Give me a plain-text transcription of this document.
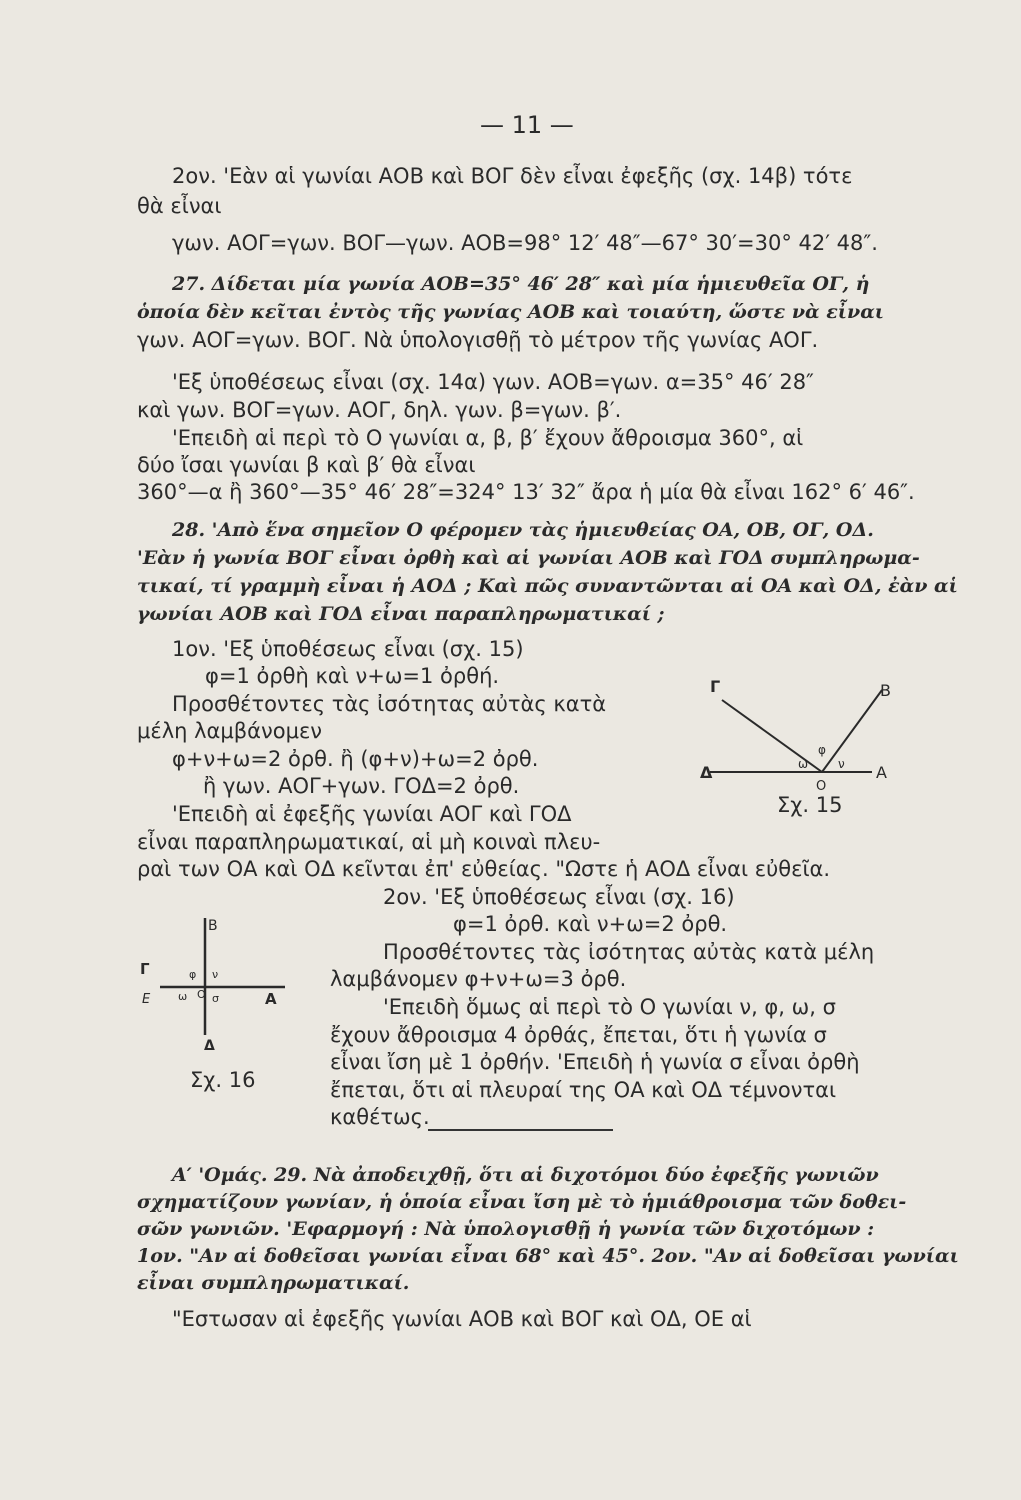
— 11 —
2ον. 'Εὰν αἱ γωνίαι ΑΟΒ καὶ ΒΟΓ δὲν εἶναι ἐφεξῆς (σχ. 14β) τότε
θὰ εἶναι
γων. ΑΟΓ=γων. ΒΟΓ—γων. ΑΟΒ=98° 12′ 48″—67° 30′=30° 42′ 48″.
27. Δίδεται μία γωνία ΑΟΒ=35° 46′ 28″ καὶ μία ἡμιευθεῖα ΟΓ, ἡ
ὁποία δὲν κεῖται ἐντὸς τῆς γωνίας ΑΟΒ καὶ τοιαύτη, ὥστε νὰ εἶναι
γων. ΑΟΓ=γων. ΒΟΓ. Νὰ ὑπολογισθῇ τὸ μέτρον τῆς γωνίας ΑΟΓ.
'Εξ ὑποθέσεως εἶναι (σχ. 14α) γων. ΑΟΒ=γων. α=35° 46′ 28″
καὶ γων. ΒΟΓ=γων. ΑΟΓ, δηλ. γων. β=γων. β′.
'Επειδὴ αἱ περὶ τὸ Ο γωνίαι α, β, β′ ἔχουν ἄθροισμα 360°, αἱ
δύο ἴσαι γωνίαι β καὶ β′ θὰ εἶναι
360°—α ἢ 360°—35° 46′ 28″=324° 13′ 32″ ἄρα ἡ μία θὰ εἶναι 162° 6′ 46″.
28. 'Απὸ ἕνα σημεῖον Ο φέρομεν τὰς ἡμιευθείας ΟΑ, ΟΒ, ΟΓ, ΟΔ.
'Εὰν ἡ γωνία ΒΟΓ εἶναι ὀρθὴ καὶ αἱ γωνίαι ΑΟΒ καὶ ΓΟΔ συμπληρωμα-
τικαί, τί γραμμὴ εἶναι ἡ ΑΟΔ ; Καὶ πῶς συναντῶνται αἱ ΟΑ καὶ ΟΔ, ἐὰν αἱ
γωνίαι ΑΟΒ καὶ ΓΟΔ εἶναι παραπληρωματικαί ;
1ον. 'Εξ ὑποθέσεως εἶναι (σχ. 15)
φ=1 ὀρθὴ καὶ ν+ω=1 ὀρθή.
Προσθέτοντες τὰς ἰσότητας αὐτὰς κατὰ
μέλη λαμβάνομεν
φ+ν+ω=2 ὀρθ. ἢ (φ+ν)+ω=2 ὀρθ.
ἢ γων. ΑΟΓ+γων. ΓΟΔ=2 ὀρθ.
'Επειδὴ αἱ ἐφεξῆς γωνίαι ΑΟΓ καὶ ΓΟΔ
εἶναι παραπληρωματικαί, αἱ μὴ κοιναὶ πλευ-
ραὶ των ΟΑ καὶ ΟΔ κεῖνται ἐπ' εὐθείας. "Ωστε ἡ ΑΟΔ εἶναι εὐθεῖα.
2ον. 'Εξ ὑποθέσεως εἶναι (σχ. 16)
φ=1 ὀρθ. καὶ ν+ω=2 ὀρθ.
Προσθέτοντες τὰς ἰσότητας αὐτὰς κατὰ μέλη
λαμβάνομεν φ+ν+ω=3 ὀρθ.
'Επειδὴ ὅμως αἱ περὶ τὸ Ο γωνίαι ν, φ, ω, σ
ἔχουν ἄθροισμα 4 ὀρθάς, ἔπεται, ὅτι ἡ γωνία σ
εἶναι ἴση μὲ 1 ὀρθήν. 'Επειδὴ ἡ γωνία σ εἶναι ὀρθὴ
ἔπεται, ὅτι αἱ πλευραί της ΟΑ καὶ ΟΔ τέμνονται
καθέτως.
Α′ 'Ομάς. 29. Νὰ ἀποδειχθῇ, ὅτι αἱ διχοτόμοι δύο ἐφεξῆς γωνιῶν
σχηματίζουν γωνίαν, ἡ ὁποία εἶναι ἴση μὲ τὸ ἡμιάθροισμα τῶν δοθει-
σῶν γωνιῶν. 'Εφαρμογή : Νὰ ὑπολογισθῇ ἡ γωνία τῶν διχοτόμων :
1ον. "Αν αἱ δοθεῖσαι γωνίαι εἶναι 68° καὶ 45°. 2ον. "Αν αἱ δοθεῖσαι γωνίαι
εἶναι συμπληρωματικαί.
"Εστωσαν αἱ ἐφεξῆς γωνίαι ΑΟΒ καὶ ΒΟΓ καὶ ΟΔ, ΟΕ αἱ
Γ	Β
Δ	Α
Ο
ω
φ
ν
Σχ. 15
Β
Γ
Ε	Α
Δ
Ο
φ ν
ω σ
Σχ. 16
